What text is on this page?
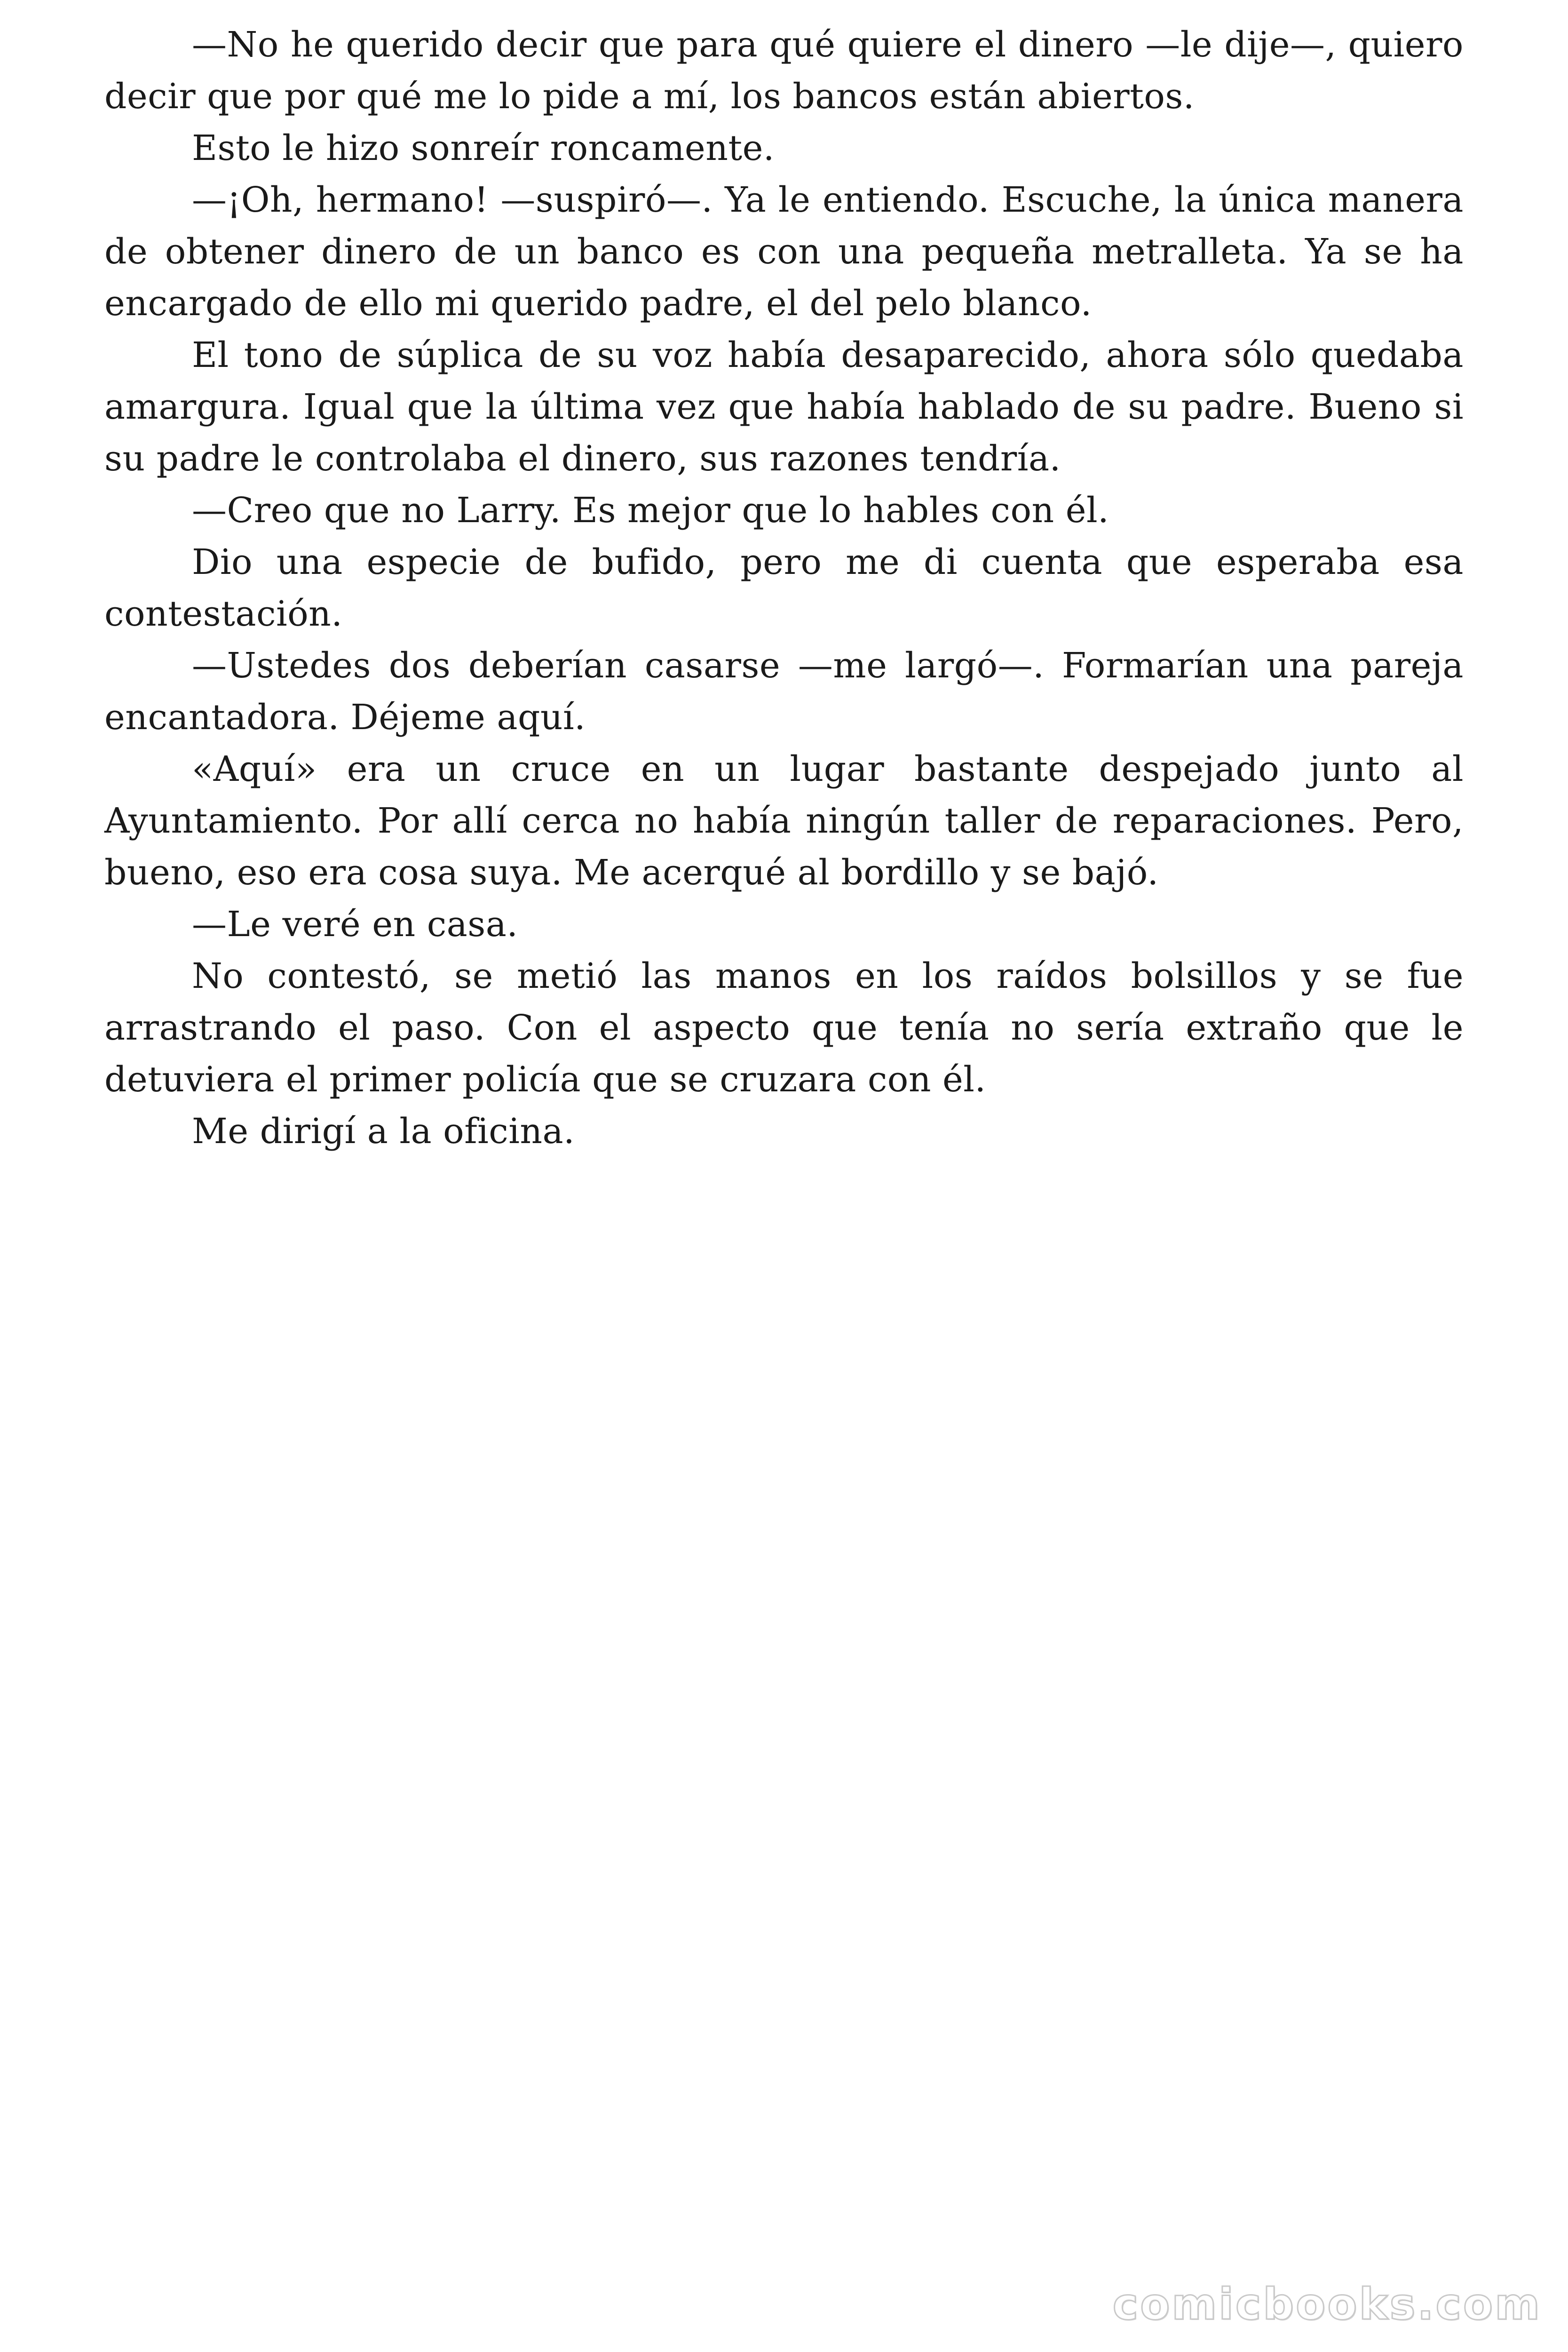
—No he querido decir que para qué quiere el dinero —le dije—, quiero decir que por qué me lo pide a mí, los bancos están abiertos.

Esto le hizo sonreír roncamente.

—¡Oh, hermano! —suspiró—. Ya le entiendo. Escuche, la única manera de obtener dinero de un banco es con una pequeña metralleta. Ya se ha encargado de ello mi querido padre, el del pelo blanco.

El tono de súplica de su voz había desaparecido, ahora sólo quedaba amargura. Igual que la última vez que había hablado de su padre. Bueno si su padre le controlaba el dinero, sus razones tendría.

—Creo que no Larry. Es mejor que lo hables con él.

Dio una especie de bufido, pero me di cuenta que esperaba esa contestación.

—Ustedes dos deberían casarse —me largó—. Formarían una pareja encantadora. Déjeme aquí.

«Aquí» era un cruce en un lugar bastante despejado junto al Ayuntamiento. Por allí cerca no había ningún taller de reparaciones. Pero, bueno, eso era cosa suya. Me acerqué al bordillo y se bajó.

—Le veré en casa.

No contestó, se metió las manos en los raídos bolsillos y se fue arrastrando el paso. Con el aspecto que tenía no sería extraño que le detuviera el primer policía que se cruzara con él.

Me dirigí a la oficina.

comicbooks.com
